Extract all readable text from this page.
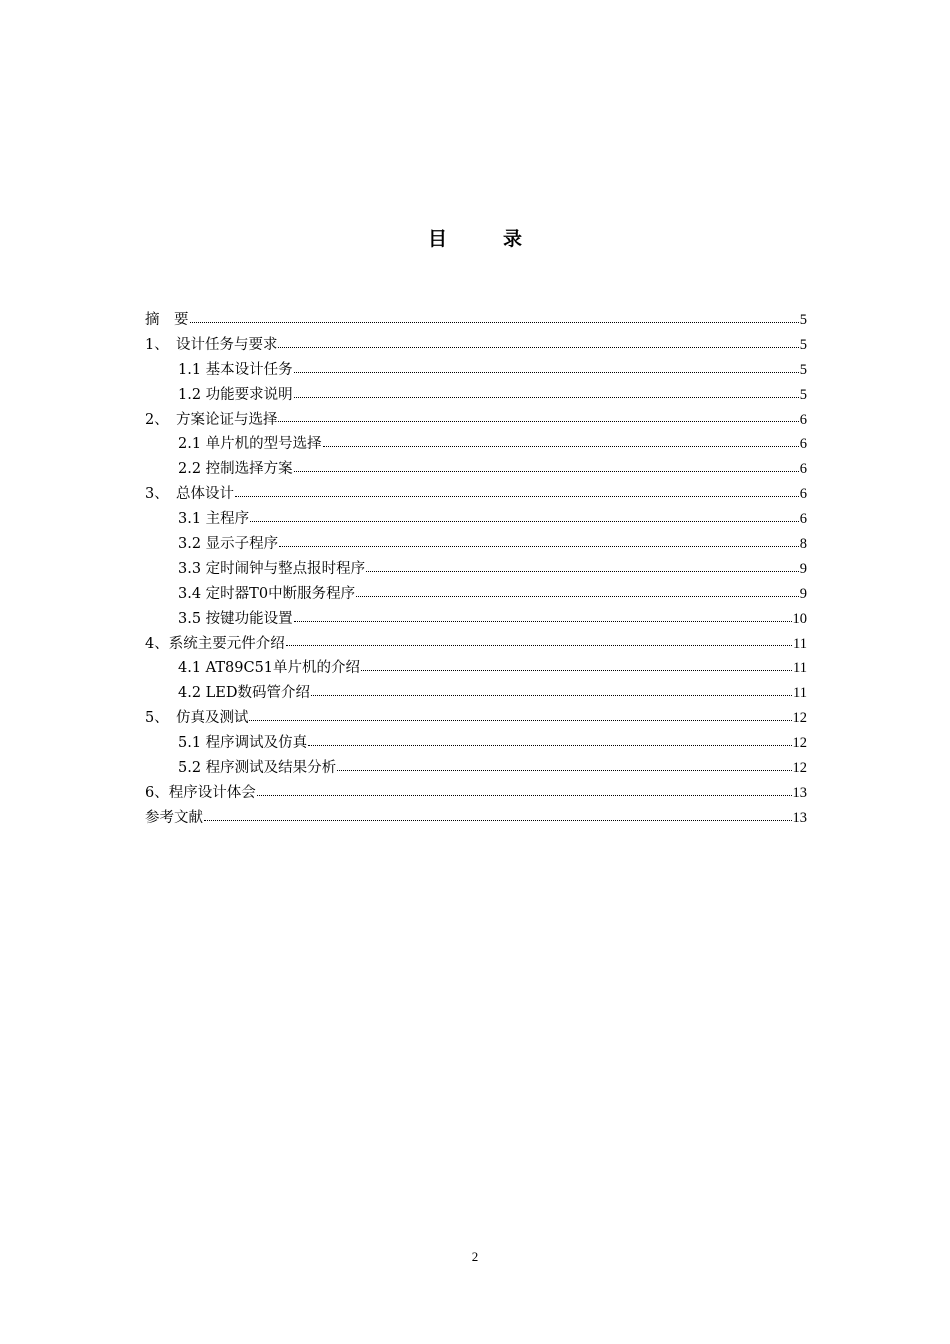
目	录
摘　要	5
1、　设计任务与要求	5
1.1 基本设计任务	5
1.2 功能要求说明	5
2、　方案论证与选择	6
2.1 单片机的型号选择	6
2.2 控制选择方案	6
3、　总体设计	6
3.1 主程序	6
3.2 显示子程序	8
3.3 定时闹钟与整点报时程序	9
3.4 定时器T0中断服务程序	9
3.5 按键功能设置	10
4、系统主要元件介绍	11
4.1 AT89C51单片机的介绍	11
4.2 LED数码管介绍	11
5、　仿真及测试	12
5.1 程序调试及仿真	12
5.2 程序测试及结果分析	12
6、程序设计体会	13
参考文献	13
2
